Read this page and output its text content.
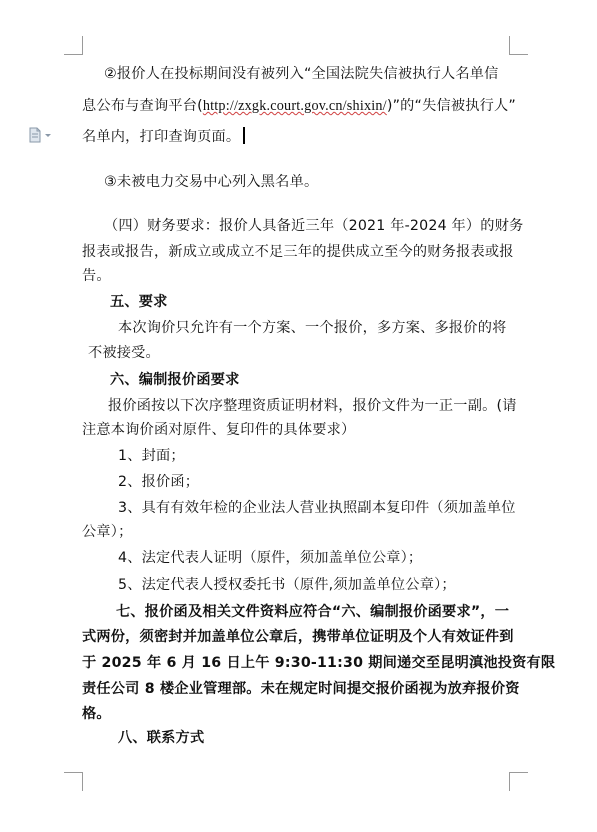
②报价人在投标期间没有被列入“全国法院失信被执行人名单信
息公布与查询平台(http://zxgk.court.gov.cn/shixin/)”的“失信被执行人”
名单内，打印查询页面。
③未被电力交易中心列入黑名单。
（四）财务要求：报价人具备近三年（2021 年-2024 年）的财务
报表或报告，新成立或成立不足三年的提供成立至今的财务报表或报
告。
五、要求
本次询价只允许有一个方案、一个报价，多方案、多报价的将
不被接受。
六、编制报价函要求
报价函按以下次序整理资质证明材料，报价文件为一正一副。(请
注意本询价函对原件、复印件的具体要求）
1、封面；
2、报价函；
3、具有有效年检的企业法人营业执照副本复印件（须加盖单位
公章）；
4、法定代表人证明（原件，须加盖单位公章）；
5、法定代表人授权委托书（原件,须加盖单位公章）；
七、报价函及相关文件资料应符合“六、编制报价函要求”，一
式两份，须密封并加盖单位公章后，携带单位证明及个人有效证件到
于 2025 年 6 月 16 日上午 9:30-11:30 期间递交至昆明滇池投资有限
责任公司 8 楼企业管理部。未在规定时间提交报价函视为放弃报价资
格。
八、联系方式
